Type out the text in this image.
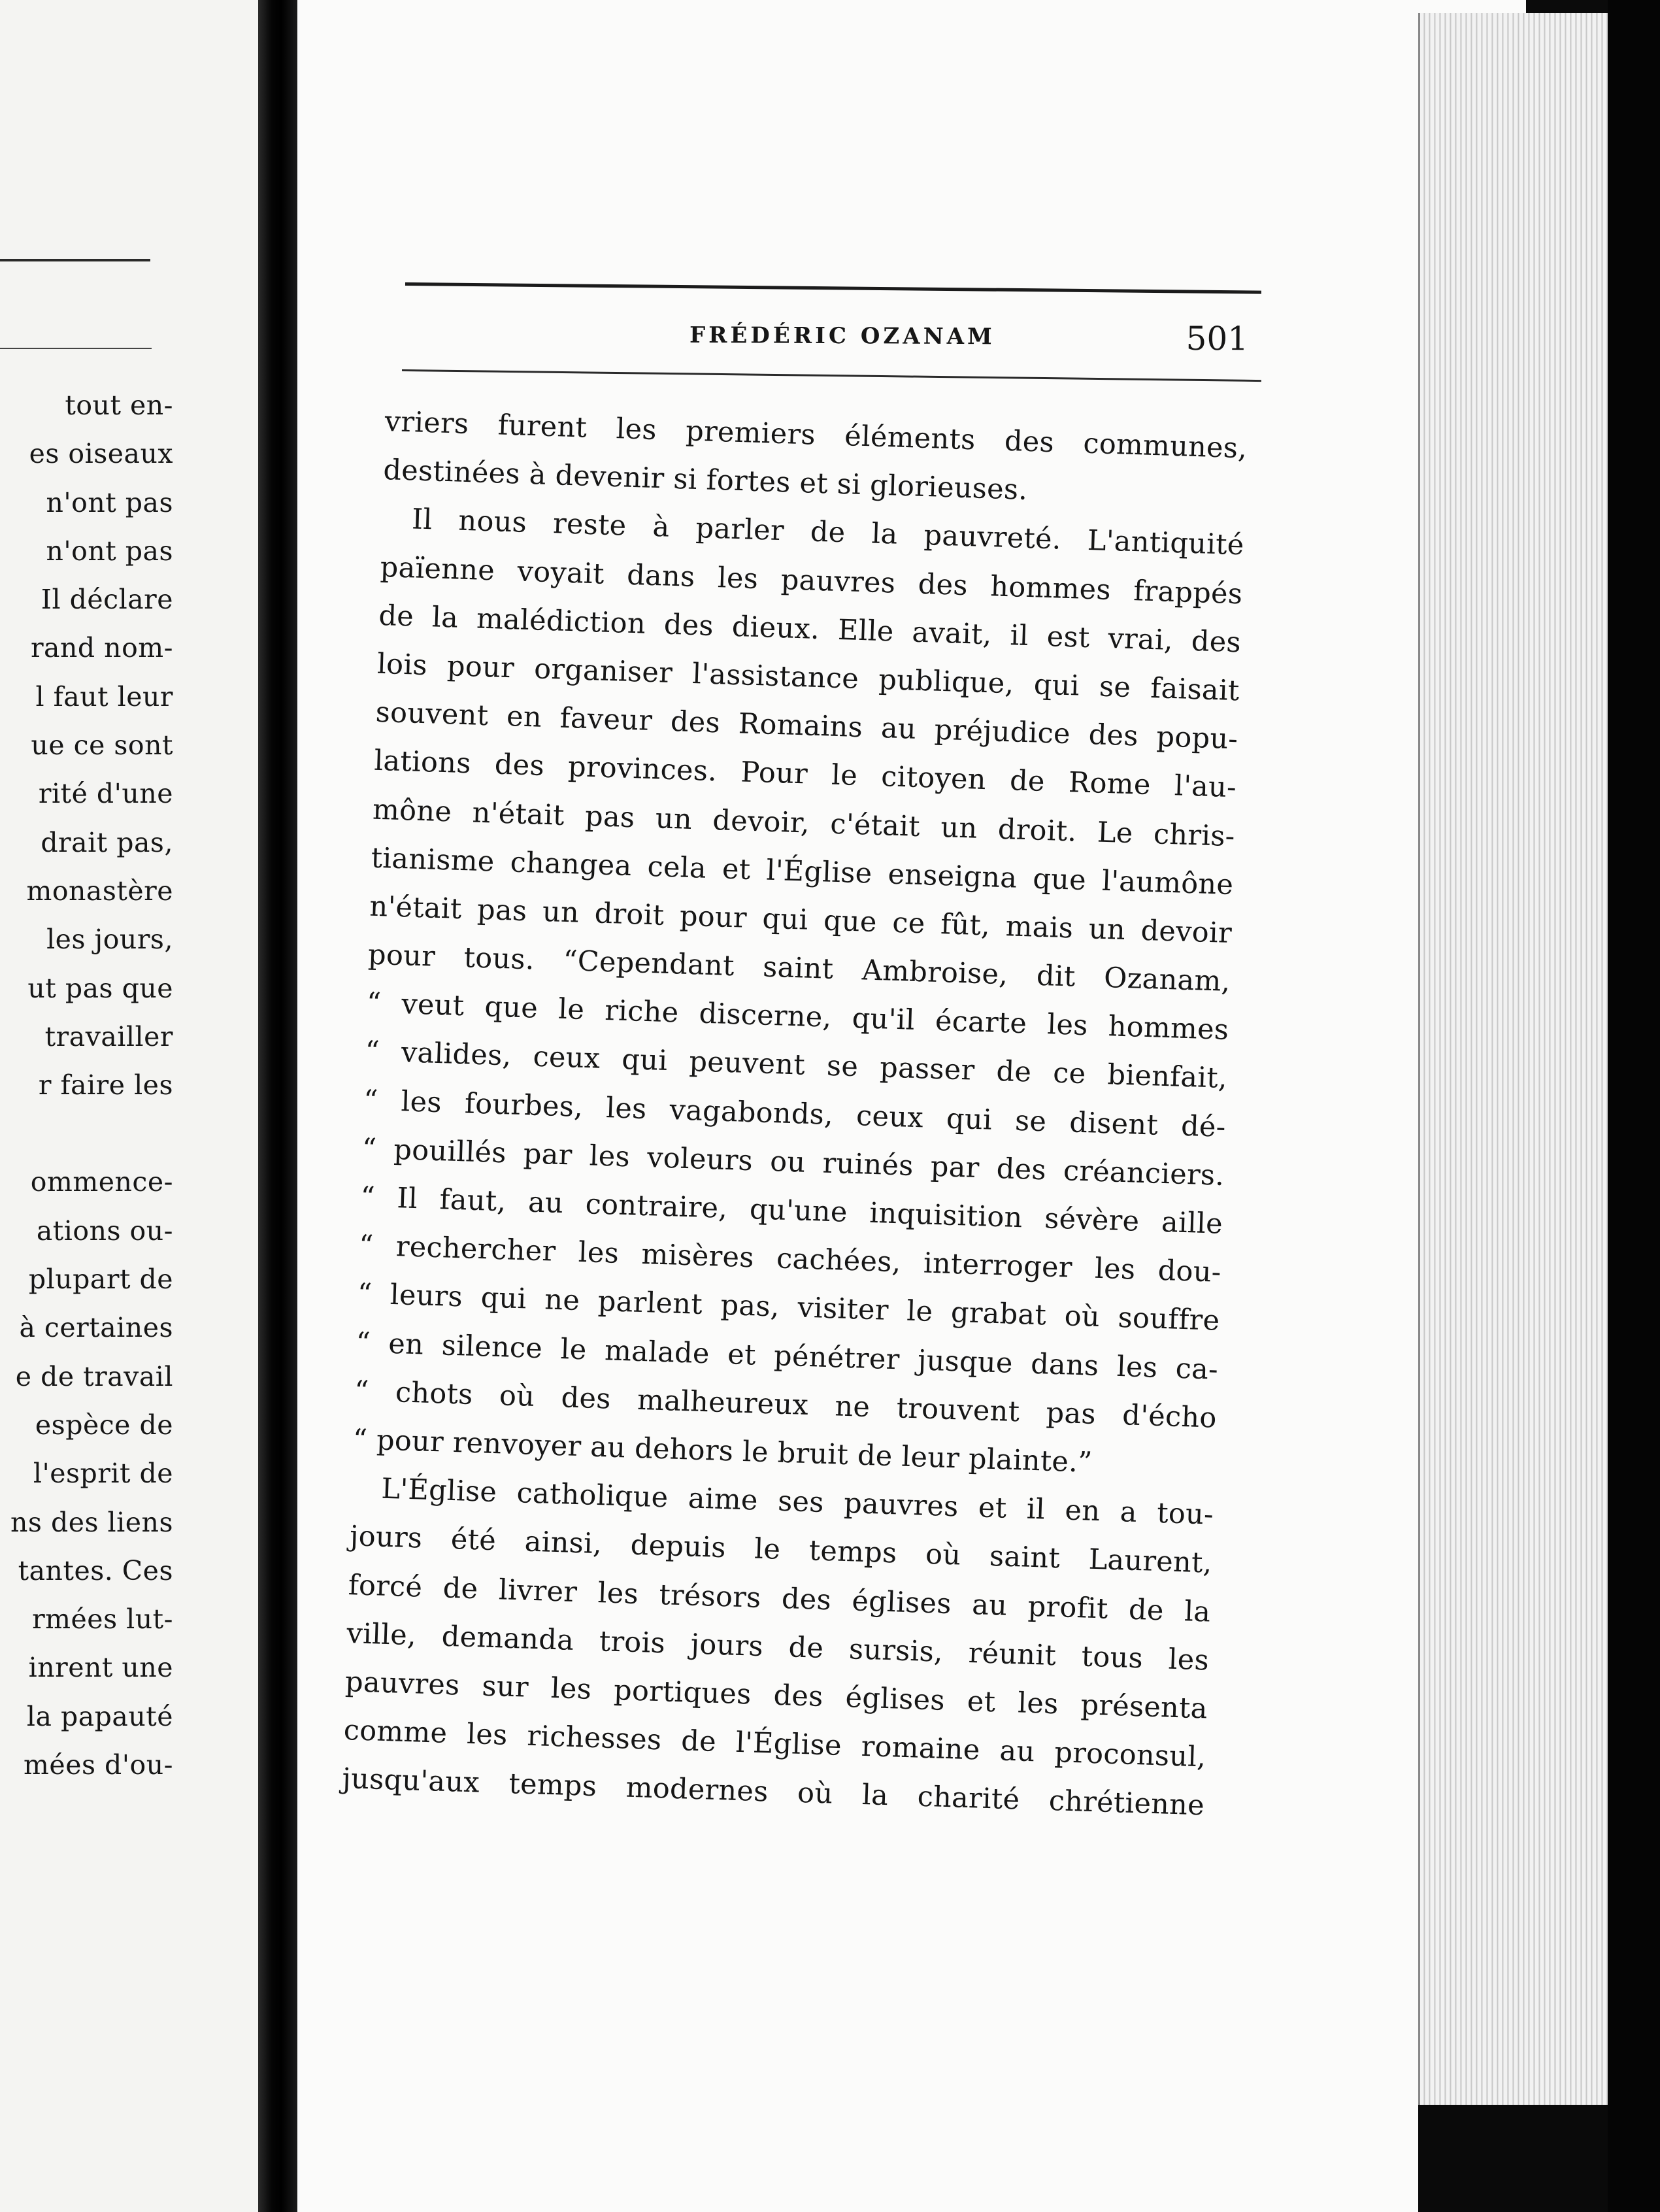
tout en-
es oiseaux
n'ont pas
n'ont pas
Il déclare
rand nom-
l faut leur
ue ce sont
rité d'une
drait pas,
monastère
les jours,
ut pas que
travailler
r faire les
ommence-
ations ou-
plupart de
à certaines
e de travail
espèce de
l'esprit de
ns des liens
tantes. Ces
rmées lut-
inrent une
la papauté
mées d'ou-
FRÉDÉRIC OZANAM	501
vriers furent les premiers éléments des communes,
destinées à devenir si fortes et si glorieuses.
Il nous reste à parler de la pauvreté. L'antiquité
païenne voyait dans les pauvres des hommes frappés
de la malédiction des dieux. Elle avait, il est vrai, des
lois pour organiser l'assistance publique, qui se faisait
souvent en faveur des Romains au préjudice des popu-
lations des provinces. Pour le citoyen de Rome l'au-
mône n'était pas un devoir, c'était un droit. Le chris-
tianisme changea cela et l'Église enseigna que l'aumône
n'était pas un droit pour qui que ce fût, mais un devoir
pour tous. “Cependant saint Ambroise, dit Ozanam,
“ veut que le riche discerne, qu'il écarte les hommes
“ valides, ceux qui peuvent se passer de ce bienfait,
“ les fourbes, les vagabonds, ceux qui se disent dé-
“ pouillés par les voleurs ou ruinés par des créanciers.
“ Il faut, au contraire, qu'une inquisition sévère aille
“ rechercher les misères cachées, interroger les dou-
“ leurs qui ne parlent pas, visiter le grabat où souffre
“ en silence le malade et pénétrer jusque dans les ca-
“ chots où des malheureux ne trouvent pas d'écho
“ pour renvoyer au dehors le bruit de leur plainte.”
L'Église catholique aime ses pauvres et il en a tou-
jours été ainsi, depuis le temps où saint Laurent,
forcé de livrer les trésors des églises au profit de la
ville, demanda trois jours de sursis, réunit tous les
pauvres sur les portiques des églises et les présenta
comme les richesses de l'Église romaine au proconsul,
jusqu'aux temps modernes où la charité chrétienne
